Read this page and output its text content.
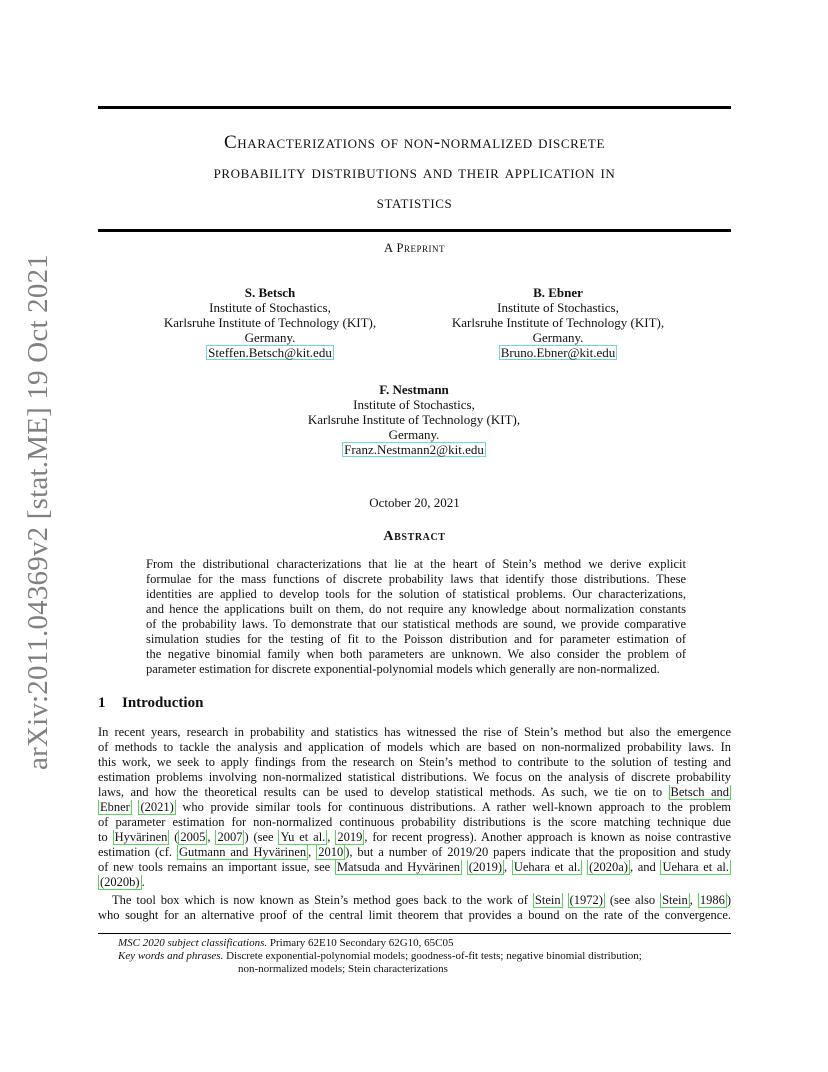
arXiv:2011.04369v2 [stat.ME] 19 Oct 2021
Characterizations of non-normalized discrete
probability distributions and their application in
statistics
A Preprint
S. Betsch
Institute of Stochastics,
Karlsruhe Institute of Technology (KIT),
Germany.
Steffen.Betsch@kit.edu
B. Ebner
Institute of Stochastics,
Karlsruhe Institute of Technology (KIT),
Germany.
Bruno.Ebner@kit.edu
F. Nestmann
Institute of Stochastics,
Karlsruhe Institute of Technology (KIT),
Germany.
Franz.Nestmann2@kit.edu
October 20, 2021
Abstract
From the distributional characterizations that lie at the heart of Stein’s method we derive explicit
formulae for the mass functions of discrete probability laws that identify those distributions. These
identities are applied to develop tools for the solution of statistical problems. Our characterizations,
and hence the applications built on them, do not require any knowledge about normalization constants
of the probability laws. To demonstrate that our statistical methods are sound, we provide comparative
simulation studies for the testing of fit to the Poisson distribution and for parameter estimation of
the negative binomial family when both parameters are unknown. We also consider the problem of
parameter estimation for discrete exponential-polynomial models which generally are non-normalized.
1 Introduction
In recent years, research in probability and statistics has witnessed the rise of Stein’s method but also the emergence
of methods to tackle the analysis and application of models which are based on non-normalized probability laws. In
this work, we seek to apply findings from the research on Stein’s method to contribute to the solution of testing and
estimation problems involving non-normalized statistical distributions. We focus on the analysis of discrete probability
laws, and how the theoretical results can be used to develop statistical methods. As such, we tie on to Betsch and
Ebner (2021) who provide similar tools for continuous distributions. A rather well-known approach to the problem
of parameter estimation for non-normalized continuous probability distributions is the score matching technique due
to Hyvärinen ( 2005 , 2007 ) (see Yu et al. , 2019 , for recent progress). Another approach is known as noise contrastive
estimation (cf. Gutmann and Hyvärinen , 2010 ), but a number of 2019/20 papers indicate that the proposition and study
of new tools remains an important issue, see Matsuda and Hyvärinen (2019) , Uehara et al. (2020a) , and Uehara et al.
(2020b) .
The tool box which is now known as Stein’s method goes back to the work of Stein (1972) (see also Stein , 1986 )
who sought for an alternative proof of the central limit theorem that provides a bound on the rate of the convergence.
MSC 2020 subject classifications. Primary 62E10 Secondary 62G10, 65C05
Key words and phrases. Discrete exponential-polynomial models; goodness-of-fit tests; negative binomial distribution;
non-normalized models; Stein characterizations
